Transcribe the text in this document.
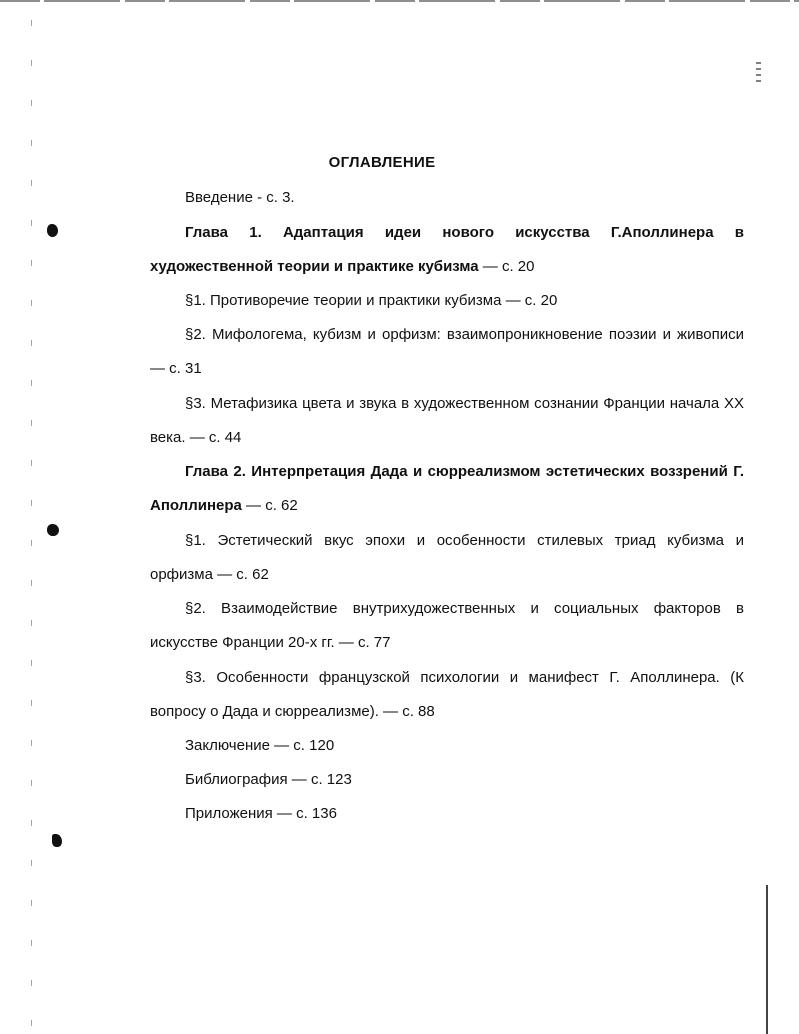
ОГЛАВЛЕНИЕ
Введение - с. 3.
Глава 1. Адаптация идеи нового искусства Г.Аполлинера в
художественной теории и практике кубизма — с. 20
§1. Противоречие теории и практики кубизма — с. 20
§2. Мифологема, кубизм и орфизм: взаимопроникновение поэзии и живописи
— с. 31
§3. Метафизика цвета и звука в художественном сознании Франции начала XX
века. — с. 44
Глава 2. Интерпретация Дада и сюрреализмом эстетических воззрений Г.
Аполлинера — с. 62
§1. Эстетический вкус эпохи и особенности стилевых триад кубизма и
орфизма — с. 62
§2. Взаимодействие внутрихудожественных и социальных факторов в
искусстве Франции 20-х гг. — с. 77
§3. Особенности французской психологии и манифест Г. Аполлинера. (К
вопросу о Дада и сюрреализме). — с. 88
Заключение — с. 120
Библиография — с. 123
Приложения — с. 136
